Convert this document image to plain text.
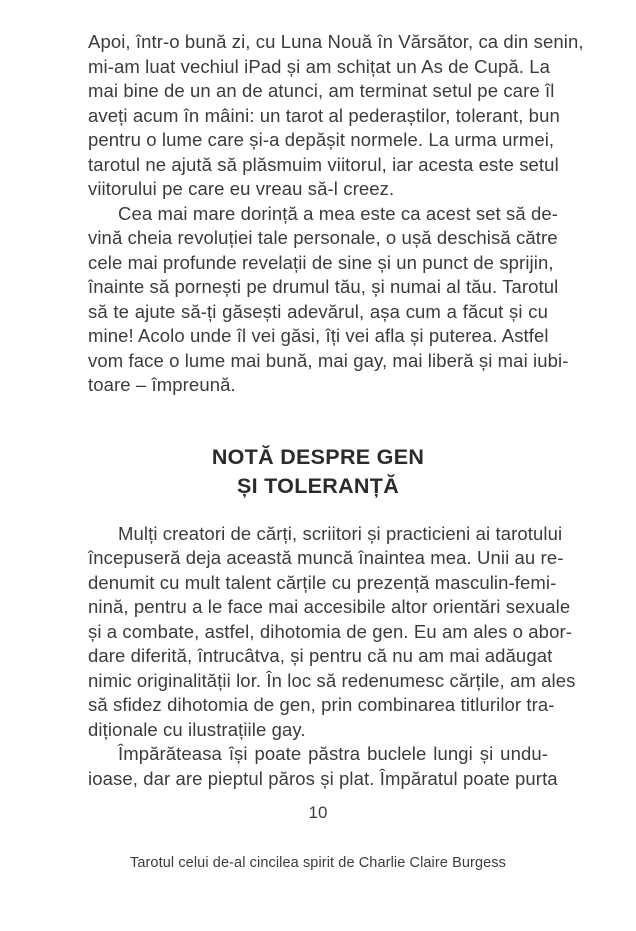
Apoi, într-o bună zi, cu Luna Nouă în Vărsător, ca din senin,
mi-am luat vechiul iPad și am schițat un As de Cupă. La
mai bine de un an de atunci, am terminat setul pe care îl
aveți acum în mâini: un tarot al pederaștilor, tolerant, bun
pentru o lume care și-a depășit normele. La urma urmei,
tarotul ne ajută să plăsmuim viitorul, iar acesta este setul
viitorului pe care eu vreau să-l creez.
Cea mai mare dorință a mea este ca acest set să de-
vină cheia revoluției tale personale, o ușă deschisă către
cele mai profunde revelații de sine și un punct de sprijin,
înainte să pornești pe drumul tău, și numai al tău. Tarotul
să te ajute să-ți găsești adevărul, așa cum a făcut și cu
mine! Acolo unde îl vei găsi, îți vei afla și puterea. Astfel
vom face o lume mai bună, mai gay, mai liberă și mai iubi-
toare – împreună.
NOTĂ DESPRE GEN
ȘI TOLERANȚĂ
Mulți creatori de cărți, scriitori și practicieni ai tarotului
începuseră deja această muncă înaintea mea. Unii au re-
denumit cu mult talent cărțile cu prezență masculin-femi-
nină, pentru a le face mai accesibile altor orientări sexuale
și a combate, astfel, dihotomia de gen. Eu am ales o abor-
dare diferită, întrucâtva, și pentru că nu am mai adăugat
nimic originalității lor. În loc să redenumesc cărțile, am ales
să sfidez dihotomia de gen, prin combinarea titlurilor tra-
diționale cu ilustrațiile gay.
Împărăteasa își poate păstra buclele lungi și undu-
ioase, dar are pieptul păros și plat. Împăratul poate purta
10
Tarotul celui de-al cincilea spirit de Charlie Claire Burgess
